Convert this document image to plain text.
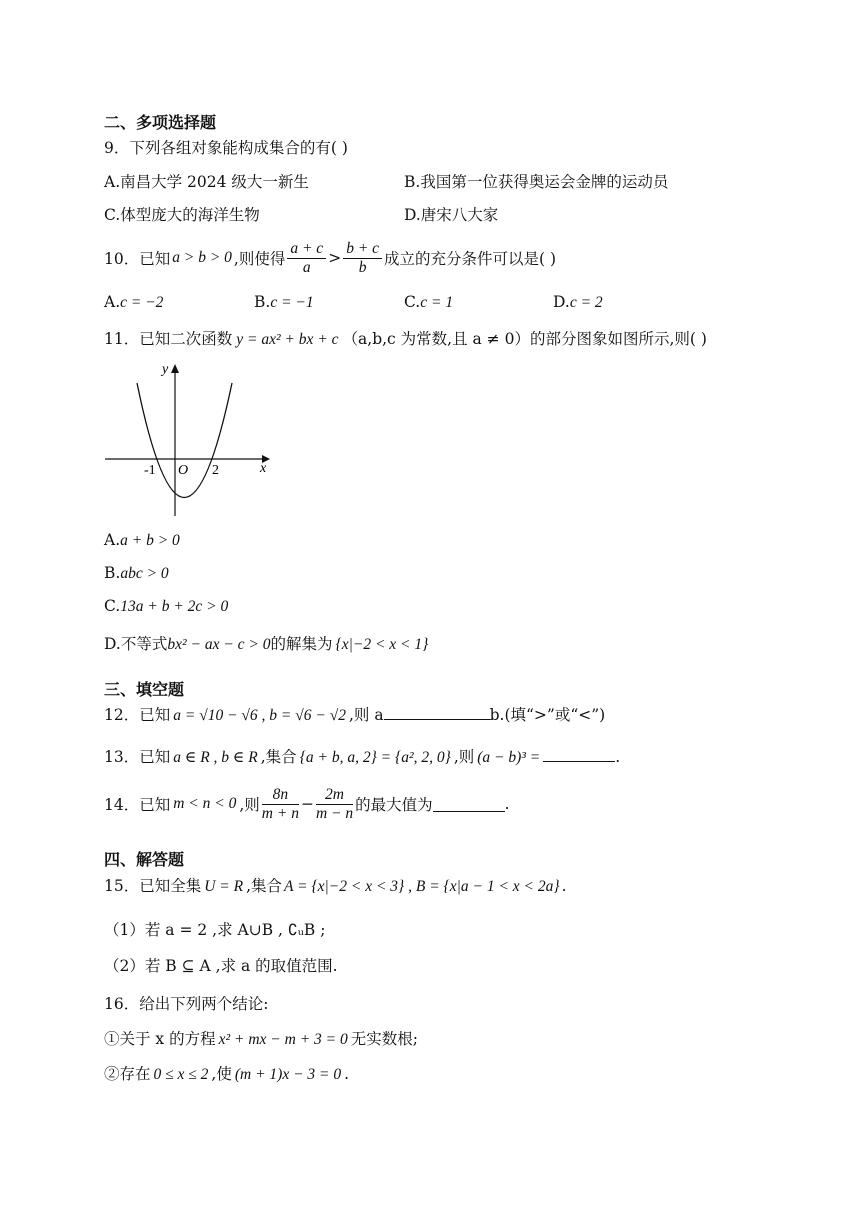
二、多项选择题
9．下列各组对象能构成集合的有( )
A.南昌大学 2024 级大一新生	B.我国第一位获得奥运会金牌的运动员
C.体型庞大的海洋生物	D.唐宋八大家
10．已知 a > b > 0 ,则使得 $\frac{a + c}{a} > \frac{b + c}{b}$ 成立的充分条件可以是( )
A.c = −2	B.c = −1	C.c = 1	D.c = 2
11．已知二次函数 y = ax² + bx + c （a,b,c 为常数,且 a ≠ 0）的部分图象如图所示,则( )
y
x
O
-1	2
A.a + b > 0
B.abc > 0
C.13a + b + 2c > 0
D.不等式bx² − ax − c > 0的解集为 {x|−2 < x < 1}
三、填空题
12．已知 a = √10 − √6 , b = √6 − √2 ,则 a	b.(填“>”或“<”)
13．已知 a ∈ R , b ∈ R ,集合 {a + b, a, 2} = {a², 2, 0} ,则 (a − b)³ =	.
14．已知 m < n < 0 ,则 $\frac{8n}{m + n} - \frac{2m}{m - n}$ 的最大值为	.
四、解答题
15．已知全集 U = R ,集合 A = {x|−2 < x < 3} , B = {x|a − 1 < x < 2a} .
（1）若 a = 2 ,求 A∪B , ∁ᵤB ;
（2）若 B ⊆ A ,求 a 的取值范围.
16．给出下列两个结论:
①关于 x 的方程 x² + mx − m + 3 = 0 无实数根;
②存在 0 ≤ x ≤ 2 ,使 (m + 1)x − 3 = 0 .
